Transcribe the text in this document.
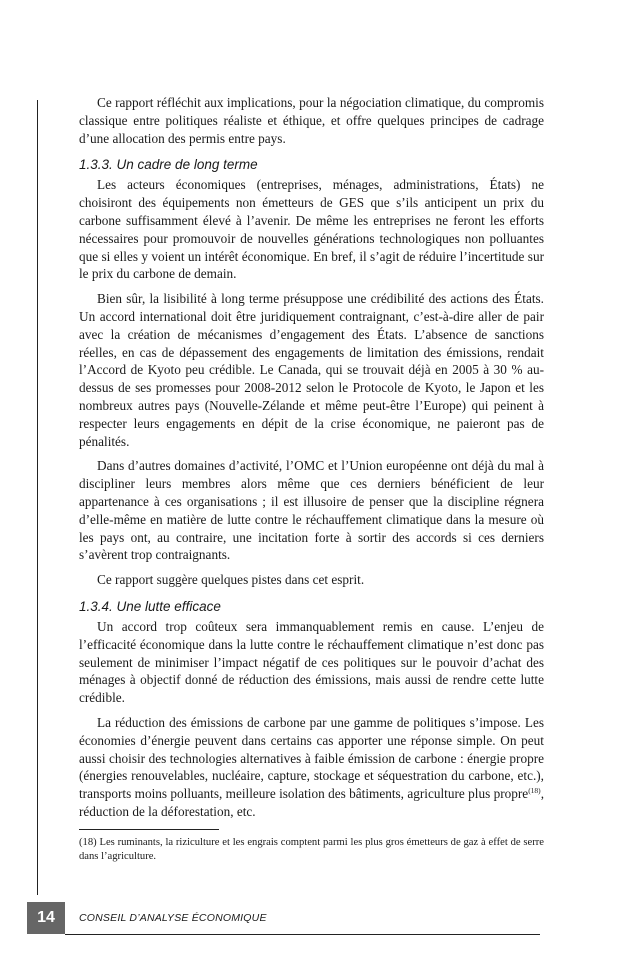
Ce rapport réfléchit aux implications, pour la négociation climatique, du compromis classique entre politiques réaliste et éthique, et offre quelques principes de cadrage d’une allocation des permis entre pays.

1.3.3. Un cadre de long terme

Les acteurs économiques (entreprises, ménages, administrations, États) ne choisiront des équipements non émetteurs de GES que s’ils anticipent un prix du carbone suffisamment élevé à l’avenir. De même les entreprises ne feront les efforts nécessaires pour promouvoir de nouvelles générations technologiques non polluantes que si elles y voient un intérêt économique. En bref, il s’agit de réduire l’incertitude sur le prix du carbone de demain.

Bien sûr, la lisibilité à long terme présuppose une crédibilité des actions des États. Un accord international doit être juridiquement contraignant, c’est-à-dire aller de pair avec la création de mécanismes d’engagement des États. L’absence de sanctions réelles, en cas de dépassement des engagements de limitation des émissions, rendait l’Accord de Kyoto peu crédible. Le Canada, qui se trouvait déjà en 2005 à 30 % au-dessus de ses promesses pour 2008-2012 selon le Protocole de Kyoto, le Japon et les nombreux autres pays (Nouvelle-Zélande et même peut-être l’Europe) qui peinent à respecter leurs engagements en dépit de la crise économique, ne paieront pas de pénalités.

Dans d’autres domaines d’activité, l’OMC et l’Union européenne ont déjà du mal à discipliner leurs membres alors même que ces derniers bénéficient de leur appartenance à ces organisations ; il est illusoire de penser que la discipline régnera d’elle-même en matière de lutte contre le réchauffement climatique dans la mesure où les pays ont, au contraire, une incitation forte à sortir des accords si ces derniers s’avèrent trop contraignants.

Ce rapport suggère quelques pistes dans cet esprit.

1.3.4. Une lutte efficace

Un accord trop coûteux sera immanquablement remis en cause. L’enjeu de l’efficacité économique dans la lutte contre le réchauffement climatique n’est donc pas seulement de minimiser l’impact négatif de ces politiques sur le pouvoir d’achat des ménages à objectif donné de réduction des émissions, mais aussi de rendre cette lutte crédible.

La réduction des émissions de carbone par une gamme de politiques s’impose. Les économies d’énergie peuvent dans certains cas apporter une réponse simple. On peut aussi choisir des technologies alternatives à faible émission de carbone : énergie propre (énergies renouvelables, nucléaire, capture, stockage et séquestration du carbone, etc.), transports moins polluants, meilleure isolation des bâtiments, agriculture plus propre$^{(18)}$, réduction de la déforestation, etc.

(18) Les ruminants, la riziculture et les engrais comptent parmi les plus gros émetteurs de gaz à effet de serre dans l’agriculture.

14	CONSEIL D’ANALYSE ÉCONOMIQUE
